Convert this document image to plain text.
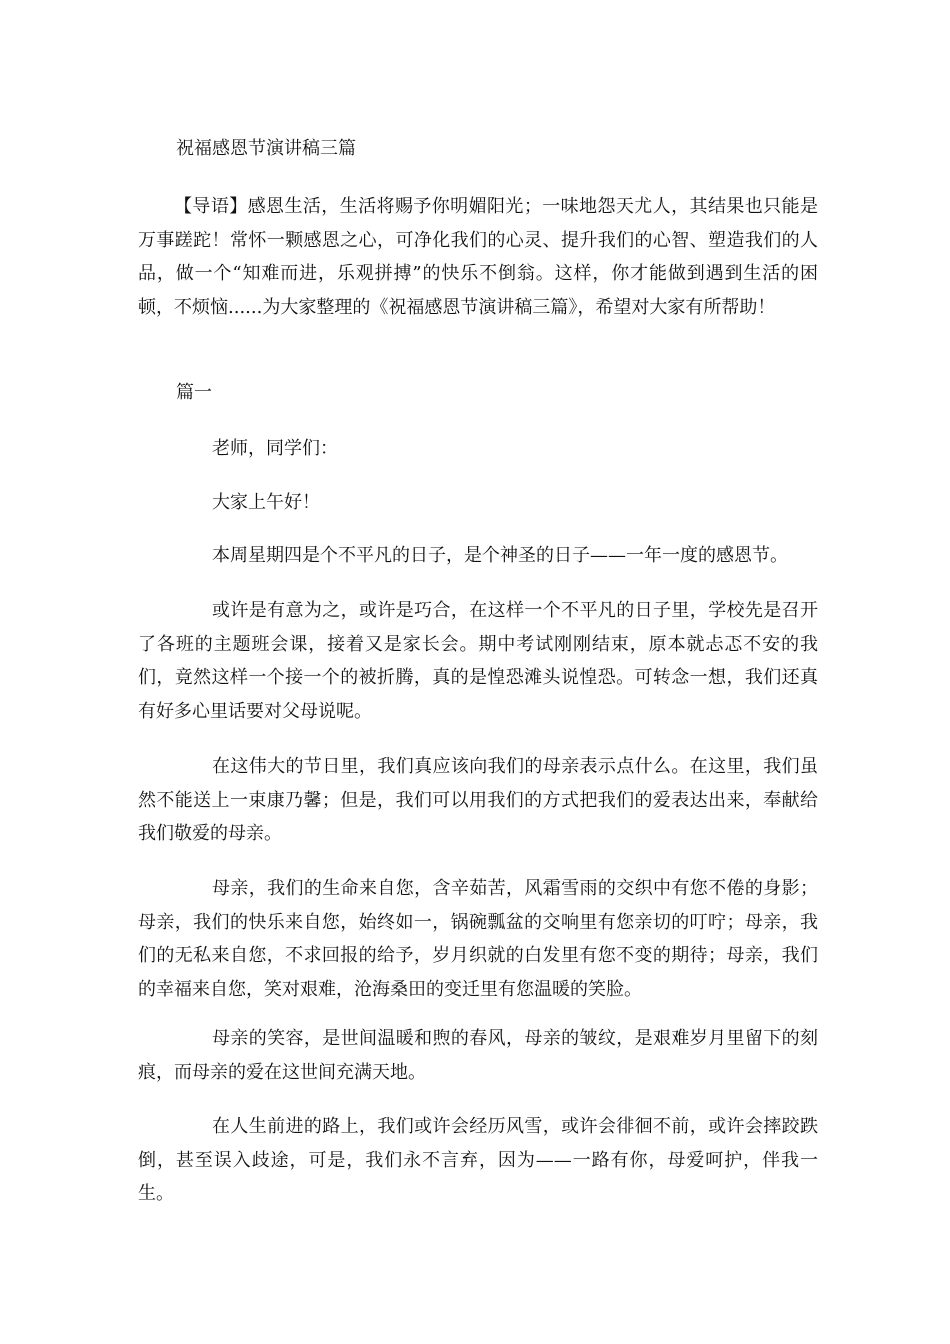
祝福感恩节演讲稿三篇

【导语】感恩生活，生活将赐予你明媚阳光；一味地怨天尤人，其结果也只能是万事蹉跎！常怀一颗感恩之心，可净化我们的心灵、提升我们的心智、塑造我们的人品，做一个“知难而进，乐观拼搏”的快乐不倒翁。这样，你才能做到遇到生活的困顿，不烦恼......为大家整理的《祝福感恩节演讲稿三篇》，希望对大家有所帮助！

篇一
老师，同学们：
大家上午好！
本周星期四是个不平凡的日子，是个神圣的日子——一年一度的感恩节。

或许是有意为之，或许是巧合，在这样一个不平凡的日子里，学校先是召开了各班的主题班会课，接着又是家长会。期中考试刚刚结束，原本就忐忑不安的我们，竟然这样一个接一个的被折腾，真的是惶恐滩头说惶恐。可转念一想，我们还真有好多心里话要对父母说呢。

在这伟大的节日里，我们真应该向我们的母亲表示点什么。在这里，我们虽然不能送上一束康乃馨；但是，我们可以用我们的方式把我们的爱表达出来，奉献给我们敬爱的母亲。

母亲，我们的生命来自您，含辛茹苦，风霜雪雨的交织中有您不倦的身影；母亲，我们的快乐来自您，始终如一，锅碗瓢盆的交响里有您亲切的叮咛；母亲，我们的无私来自您，不求回报的给予，岁月织就的白发里有您不变的期待；母亲，我们的幸福来自您，笑对艰难，沧海桑田的变迁里有您温暖的笑脸。

母亲的笑容，是世间温暖和煦的春风，母亲的皱纹，是艰难岁月里留下的刻痕，而母亲的爱在这世间充满天地。

在人生前进的路上，我们或许会经历风雪，或许会徘徊不前，或许会摔跤跌倒，甚至误入歧途，可是，我们永不言弃，因为——一路有你，母爱呵护，伴我一生。
